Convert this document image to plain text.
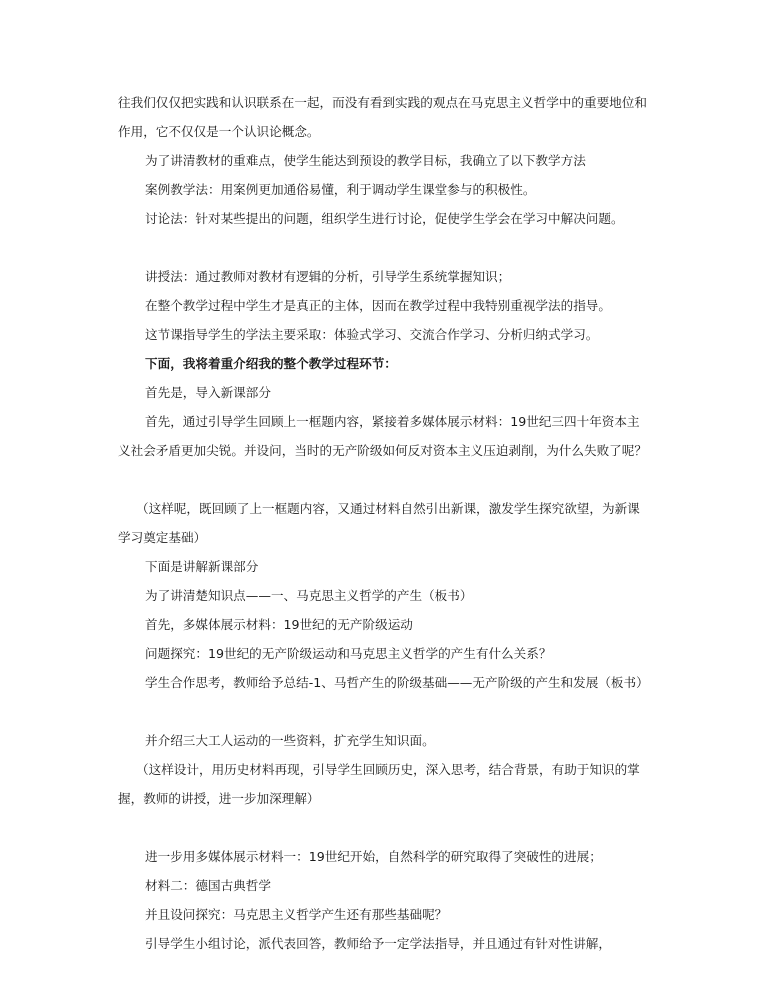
往我们仅仅把实践和认识联系在一起，而没有看到实践的观点在马克思主义哲学中的重要地位和作用，它不仅仅是一个认识论概念。

为了讲清教材的重难点，使学生能达到预设的教学目标，我确立了以下教学方法

案例教学法：用案例更加通俗易懂，利于调动学生课堂参与的积极性。

讨论法：针对某些提出的问题，组织学生进行讨论，促使学生学会在学习中解决问题。

讲授法：通过教师对教材有逻辑的分析，引导学生系统掌握知识；

在整个教学过程中学生才是真正的主体，因而在教学过程中我特别重视学法的指导。

这节课指导学生的学法主要采取：体验式学习、交流合作学习、分析归纳式学习。

下面，我将着重介绍我的整个教学过程环节：

首先是，导入新课部分

首先，通过引导学生回顾上一框题内容，紧接着多媒体展示材料：19世纪三四十年资本主义社会矛盾更加尖锐。并设问，当时的无产阶级如何反对资本主义压迫剥削，为什么失败了呢？

（这样呢，既回顾了上一框题内容，又通过材料自然引出新课，激发学生探究欲望，为新课学习奠定基础）

下面是讲解新课部分

为了讲清楚知识点——一、马克思主义哲学的产生（板书）

首先，多媒体展示材料：19世纪的无产阶级运动

问题探究：19世纪的无产阶级运动和马克思主义哲学的产生有什么关系？

学生合作思考，教师给予总结-1、马哲产生的阶级基础——无产阶级的产生和发展（板书）

并介绍三大工人运动的一些资料，扩充学生知识面。

（这样设计，用历史材料再现，引导学生回顾历史，深入思考，结合背景，有助于知识的掌握，教师的讲授，进一步加深理解）

进一步用多媒体展示材料一：19世纪开始，自然科学的研究取得了突破性的进展；

材料二：德国古典哲学

并且设问探究：马克思主义哲学产生还有那些基础呢？

引导学生小组讨论，派代表回答，教师给予一定学法指导，并且通过有针对性讲解，
